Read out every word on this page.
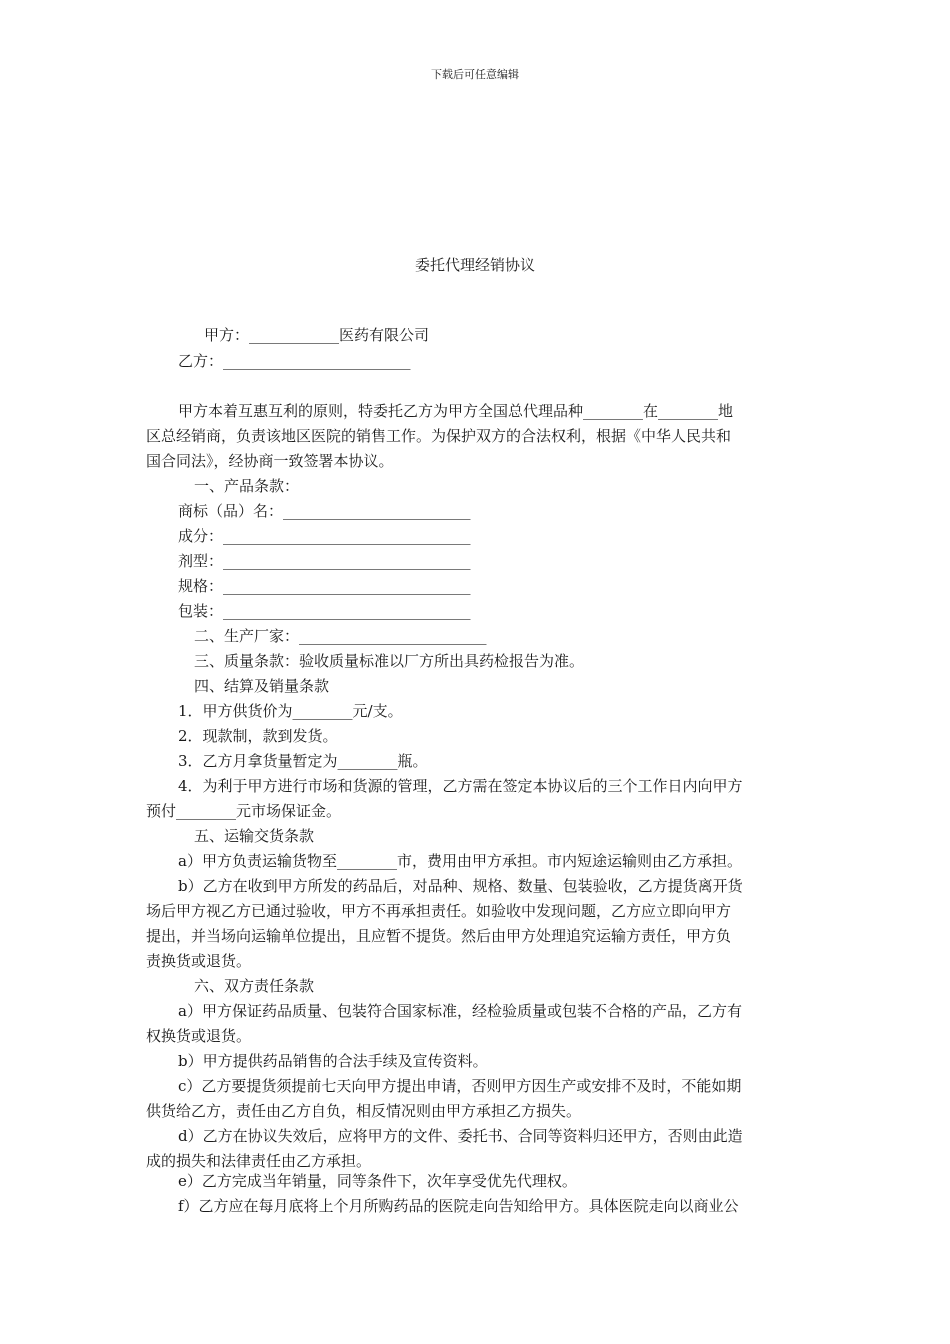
下载后可任意编辑
委托代理经销协议
甲方：____________医药有限公司
乙方：_________________________
甲方本着互惠互利的原则，特委托乙方为甲方全国总代理品种________在________地
区总经销商，负责该地区医院的销售工作。为保护双方的合法权利，根据《中华人民共和
国合同法》，经协商一致签署本协议。
一、产品条款：
商标（品）名：_________________________
成分：_________________________________
剂型：_________________________________
规格：_________________________________
包装：_________________________________
二、生产厂家：_________________________
三、质量条款：验收质量标准以厂方所出具药检报告为准。
四、结算及销量条款
1．甲方供货价为________元/支。
2．现款制，款到发货。
3．乙方月拿货量暂定为________瓶。
4．为利于甲方进行市场和货源的管理，乙方需在签定本协议后的三个工作日内向甲方
预付________元市场保证金。
五、运输交货条款
a）甲方负责运输货物至________市，费用由甲方承担。市内短途运输则由乙方承担。
b）乙方在收到甲方所发的药品后，对品种、规格、数量、包装验收，乙方提货离开货
场后甲方视乙方已通过验收，甲方不再承担责任。如验收中发现问题，乙方应立即向甲方
提出，并当场向运输单位提出，且应暂不提货。然后由甲方处理追究运输方责任，甲方负
责换货或退货。
六、双方责任条款
a）甲方保证药品质量、包装符合国家标准，经检验质量或包装不合格的产品，乙方有
权换货或退货。
b）甲方提供药品销售的合法手续及宣传资料。
c）乙方要提货须提前七天向甲方提出申请，否则甲方因生产或安排不及时，不能如期
供货给乙方，责任由乙方自负，相反情况则由甲方承担乙方损失。
d）乙方在协议失效后，应将甲方的文件、委托书、合同等资料归还甲方，否则由此造
成的损失和法律责任由乙方承担。
e）乙方完成当年销量，同等条件下，次年享受优先代理权。
f）乙方应在每月底将上个月所购药品的医院走向告知给甲方。具体医院走向以商业公
